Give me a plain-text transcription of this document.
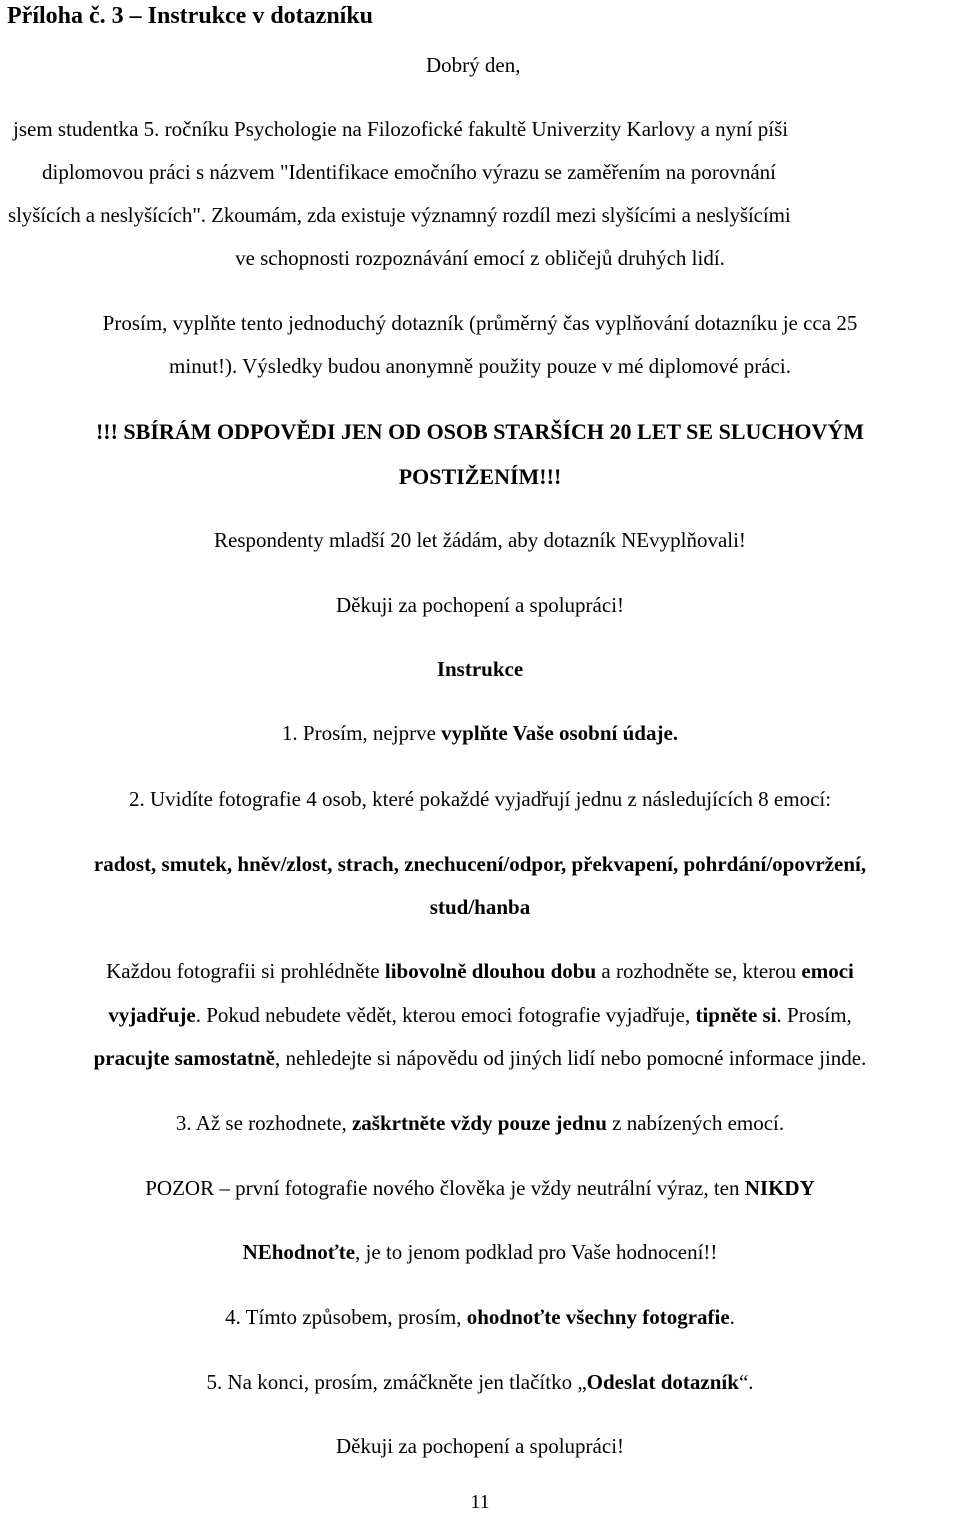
Příloha č. 3 – Instrukce v dotazníku
Dobrý den,
jsem studentka 5. ročníku Psychologie na Filozofické fakultě Univerzity Karlovy a nyní píši
diplomovou práci s názvem "Identifikace emočního výrazu se zaměřením na porovnání
slyšících a neslyšících". Zkoumám, zda existuje významný rozdíl mezi slyšícími a neslyšícími
ve schopnosti rozpoznávání emocí z obličejů druhých lidí.
Prosím, vyplňte tento jednoduchý dotazník (průměrný čas vyplňování dotazníku je cca 25
minut!). Výsledky budou anonymně použity pouze v mé diplomové práci.
!!! SBÍRÁM ODPOVĚDI JEN OD OSOB STARŠÍCH 20 LET SE SLUCHOVÝM
POSTIŽENÍM!!!
Respondenty mladší 20 let žádám, aby dotazník NEvyplňovali!
Děkuji za pochopení a spolupráci!
Instrukce
1. Prosím, nejprve vyplňte Vaše osobní údaje.
2. Uvidíte fotografie 4 osob, které pokaždé vyjadřují jednu z následujících 8 emocí:
radost, smutek, hněv/zlost, strach, znechucení/odpor, překvapení, pohrdání/opovržení,
stud/hanba
Každou fotografii si prohlédněte libovolně dlouhou dobu a rozhodněte se, kterou emoci
vyjadřuje. Pokud nebudete vědět, kterou emoci fotografie vyjadřuje, tipněte si. Prosím,
pracujte samostatně, nehledejte si nápovědu od jiných lidí nebo pomocné informace jinde.
3. Až se rozhodnete, zaškrtněte vždy pouze jednu z nabízených emocí.
POZOR – první fotografie nového člověka je vždy neutrální výraz, ten NIKDY
NEhodnoťte, je to jenom podklad pro Vaše hodnocení!!
4. Tímto způsobem, prosím, ohodnoťte všechny fotografie.
5. Na konci, prosím, zmáčkněte jen tlačítko „Odeslat dotazník“.
Děkuji za pochopení a spolupráci!
11
